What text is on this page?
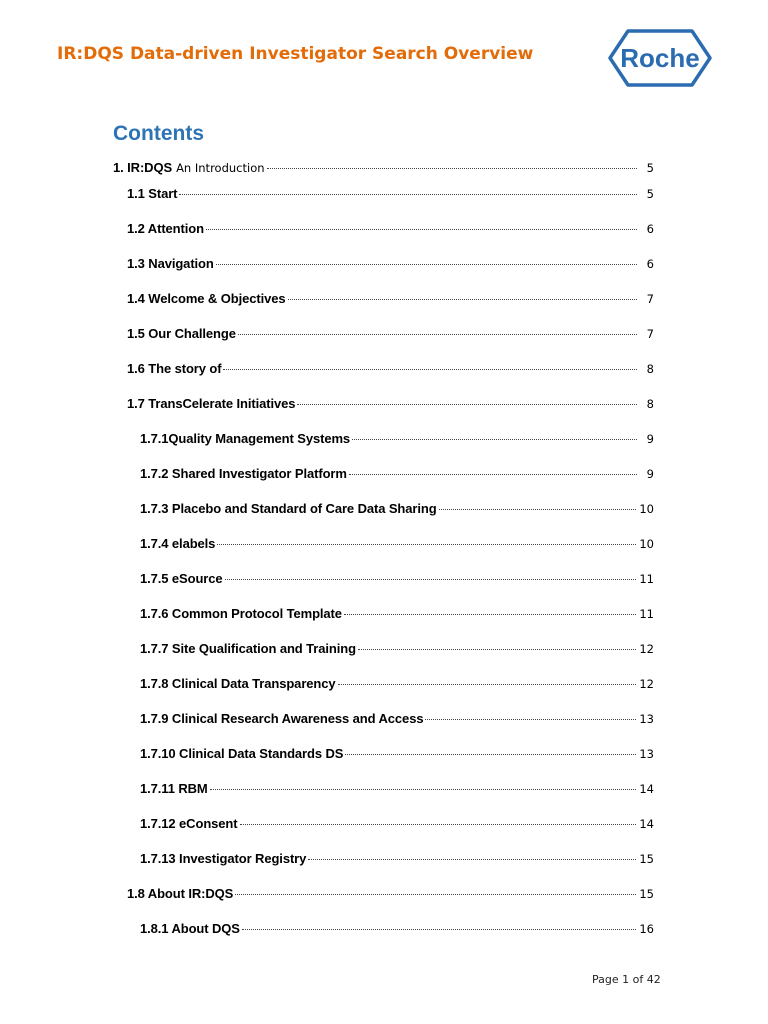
IR:DQS Data-driven Investigator Search Overview	Roche
Contents
1. IR:DQS An Introduction	5
1.1 Start	5
1.2 Attention	6
1.3 Navigation	6
1.4 Welcome & Objectives	7
1.5 Our Challenge	7
1.6 The story of	8
1.7 TransCelerate Initiatives	8
1.7.1Quality Management Systems	9
1.7.2 Shared Investigator Platform	9
1.7.3 Placebo and Standard of Care Data Sharing	10
1.7.4 elabels	10
1.7.5 eSource	11
1.7.6 Common Protocol Template	11
1.7.7 Site Qualification and Training	12
1.7.8 Clinical Data Transparency	12
1.7.9 Clinical Research Awareness and Access	13
1.7.10 Clinical Data Standards DS	13
1.7.11 RBM	14
1.7.12 eConsent	14
1.7.13 Investigator Registry	15
1.8 About IR:DQS	15
1.8.1 About DQS	16
Page 1 of 42
